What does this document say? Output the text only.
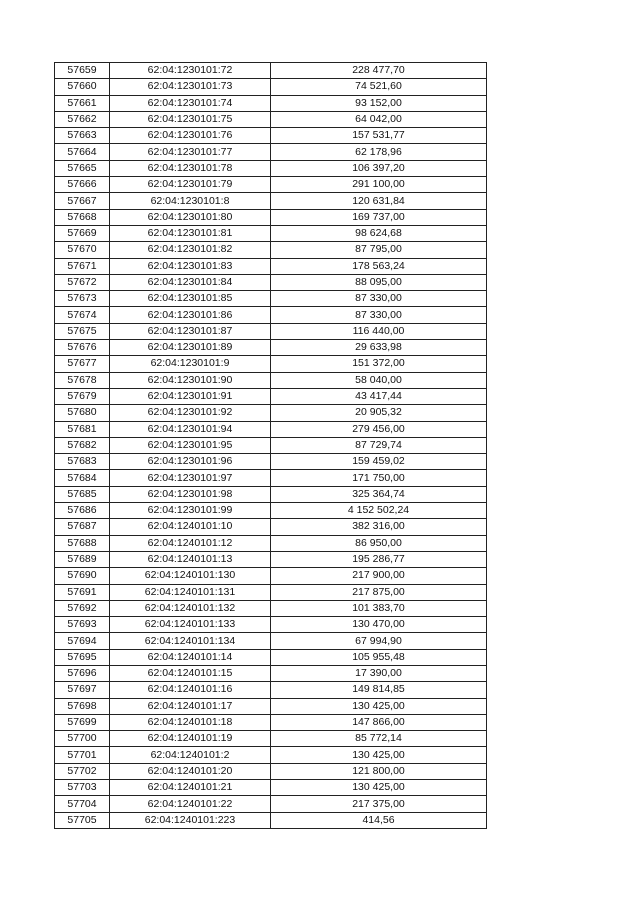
57659	62:04:1230101:72	228 477,70
57660	62:04:1230101:73	74 521,60
57661	62:04:1230101:74	93 152,00
57662	62:04:1230101:75	64 042,00
57663	62:04:1230101:76	157 531,77
57664	62:04:1230101:77	62 178,96
57665	62:04:1230101:78	106 397,20
57666	62:04:1230101:79	291 100,00
57667	62:04:1230101:8	120 631,84
57668	62:04:1230101:80	169 737,00
57669	62:04:1230101:81	98 624,68
57670	62:04:1230101:82	87 795,00
57671	62:04:1230101:83	178 563,24
57672	62:04:1230101:84	88 095,00
57673	62:04:1230101:85	87 330,00
57674	62:04:1230101:86	87 330,00
57675	62:04:1230101:87	116 440,00
57676	62:04:1230101:89	29 633,98
57677	62:04:1230101:9	151 372,00
57678	62:04:1230101:90	58 040,00
57679	62:04:1230101:91	43 417,44
57680	62:04:1230101:92	20 905,32
57681	62:04:1230101:94	279 456,00
57682	62:04:1230101:95	87 729,74
57683	62:04:1230101:96	159 459,02
57684	62:04:1230101:97	171 750,00
57685	62:04:1230101:98	325 364,74
57686	62:04:1230101:99	4 152 502,24
57687	62:04:1240101:10	382 316,00
57688	62:04:1240101:12	86 950,00
57689	62:04:1240101:13	195 286,77
57690	62:04:1240101:130	217 900,00
57691	62:04:1240101:131	217 875,00
57692	62:04:1240101:132	101 383,70
57693	62:04:1240101:133	130 470,00
57694	62:04:1240101:134	67 994,90
57695	62:04:1240101:14	105 955,48
57696	62:04:1240101:15	17 390,00
57697	62:04:1240101:16	149 814,85
57698	62:04:1240101:17	130 425,00
57699	62:04:1240101:18	147 866,00
57700	62:04:1240101:19	85 772,14
57701	62:04:1240101:2	130 425,00
57702	62:04:1240101:20	121 800,00
57703	62:04:1240101:21	130 425,00
57704	62:04:1240101:22	217 375,00
57705	62:04:1240101:223	414,56
